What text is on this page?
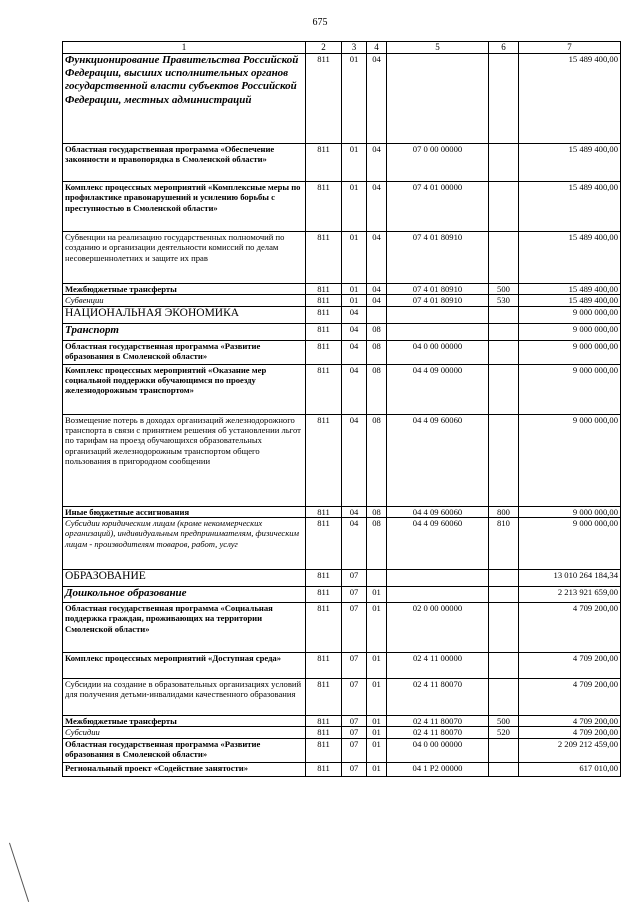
675
1	2	3	4	5	6	7
Функционирование Правительства Российской Федерации, высших исполнительных органов государственной власти субъектов Российской Федерации, местных администраций	811	01	04			15 489 400,00
Областная государственная программа «Обеспечение законности и правопорядка в Смоленской области»	811	01	04	07 0 00 00000		15 489 400,00
Комплекс процессных мероприятий «Комплексные меры по профилактике правонарушений и усилению борьбы с преступностью в Смоленской области»	811	01	04	07 4 01 00000		15 489 400,00
Субвенции на реализацию государственных полномочий по созданию и организации деятельности комиссий по делам несовершеннолетних и защите их прав	811	01	04	07 4 01 80910		15 489 400,00
Межбюджетные трансферты	811	01	04	07 4 01 80910	500	15 489 400,00
Субвенции	811	01	04	07 4 01 80910	530	15 489 400,00
НАЦИОНАЛЬНАЯ ЭКОНОМИКА	811	04				9 000 000,00
Транспорт	811	04	08			9 000 000,00
Областная государственная программа «Развитие образования в Смоленской области»	811	04	08	04 0 00 00000		9 000 000,00
Комплекс процессных мероприятий «Оказание мер социальной поддержки обучающимся по проезду железнодорожным транспортом»	811	04	08	04 4 09 00000		9 000 000,00
Возмещение потерь в доходах организаций железнодорожного транспорта в связи с принятием решения об установлении льгот по тарифам на проезд обучающихся образовательных организаций железнодорожным транспортом общего пользования в пригородном сообщении	811	04	08	04 4 09 60060		9 000 000,00
Иные бюджетные ассигнования	811	04	08	04 4 09 60060	800	9 000 000,00
Субсидии юридическим лицам (кроме некоммерческих организаций), индивидуальным предпринимателям, физическим лицам - производителям товаров, работ, услуг	811	04	08	04 4 09 60060	810	9 000 000,00
ОБРАЗОВАНИЕ	811	07				13 010 264 184,34
Дошкольное образование	811	07	01			2 213 921 659,00
Областная государственная программа «Социальная поддержка граждан, проживающих на территории Смоленской области»	811	07	01	02 0 00 00000		4 709 200,00
Комплекс процессных мероприятий «Доступная среда»	811	07	01	02 4 11 00000		4 709 200,00
Субсидии на создание в образовательных организациях условий для получения детьми-инвалидами качественного образования	811	07	01	02 4 11 80070		4 709 200,00
Межбюджетные трансферты	811	07	01	02 4 11 80070	500	4 709 200,00
Субсидии	811	07	01	02 4 11 80070	520	4 709 200,00
Областная государственная программа «Развитие образования в Смоленской области»	811	07	01	04 0 00 00000		2 209 212 459,00
Региональный проект «Содействие занятости»	811	07	01	04 1 P2 00000		617 010,00
